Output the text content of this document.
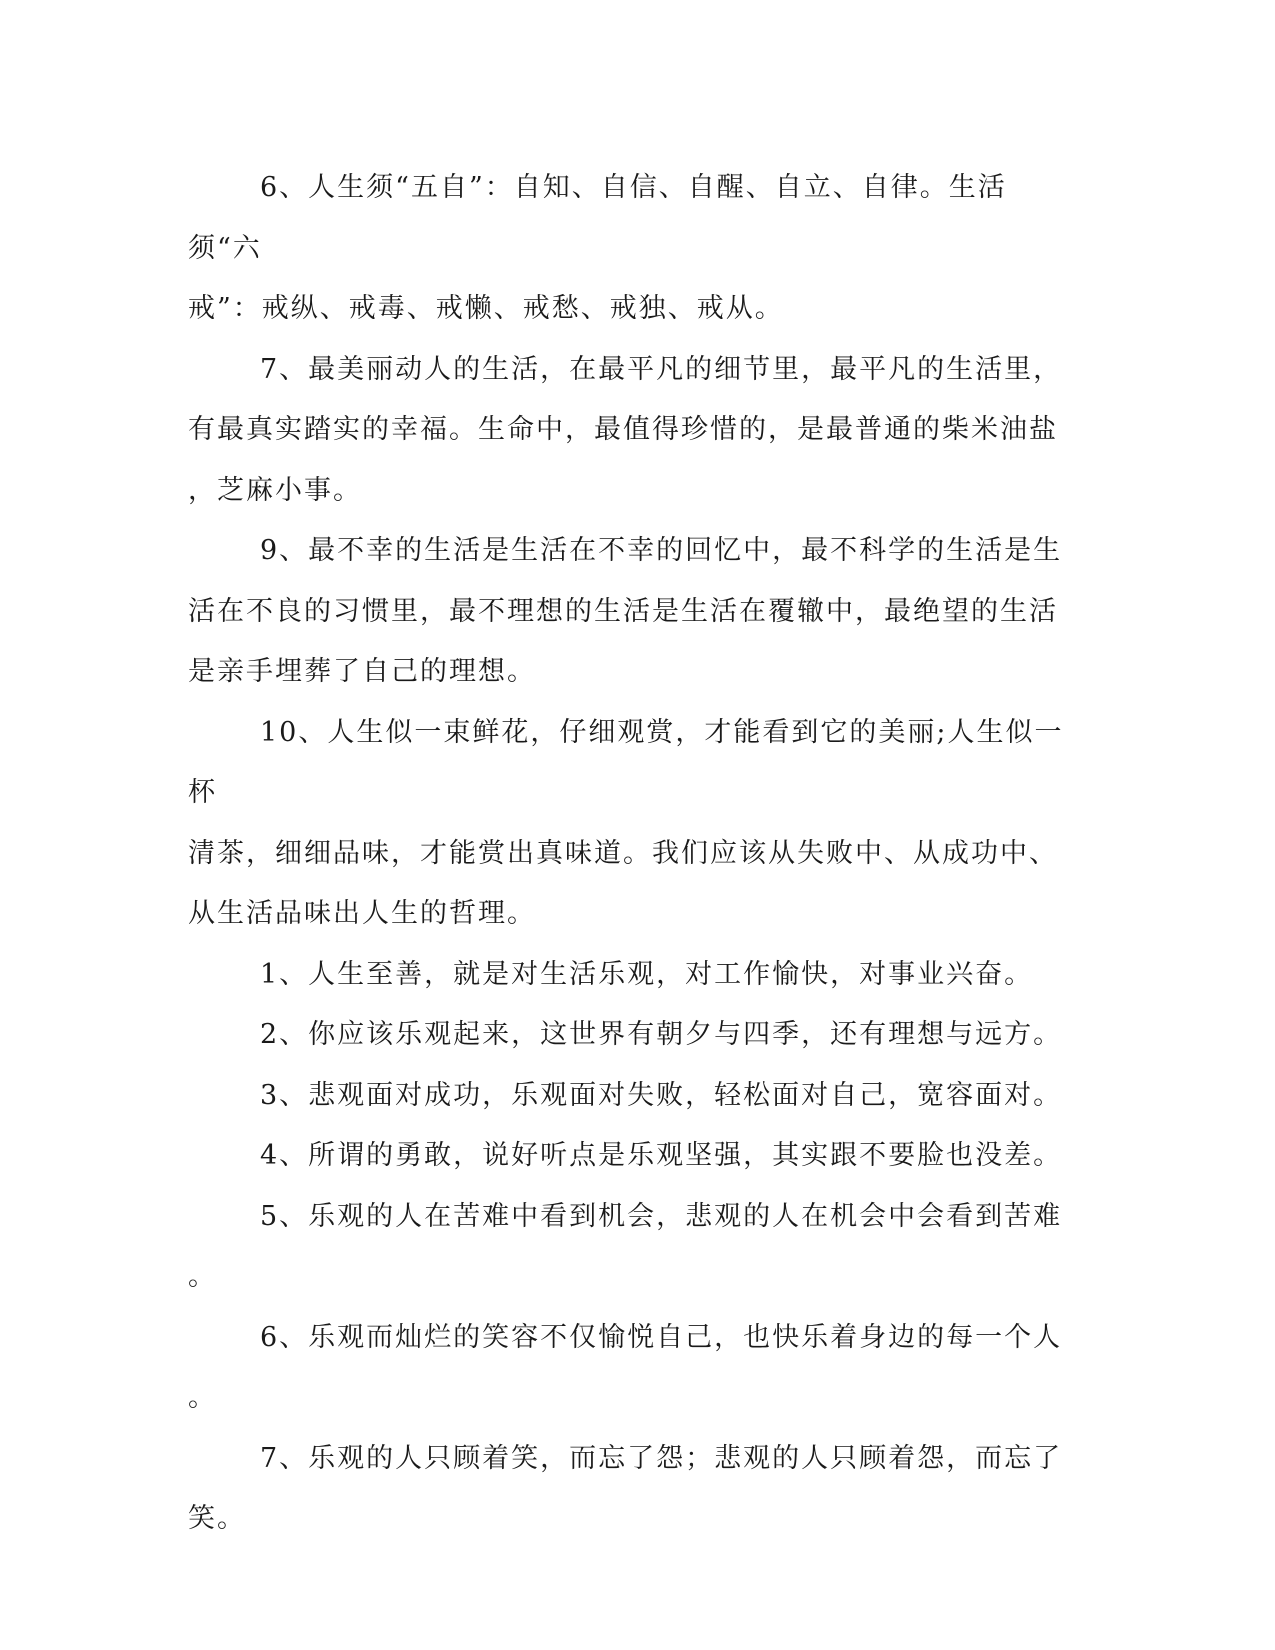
6、人生须“五自”：自知、自信、自醒、自立、自律。生活须“六
戒”：戒纵、戒毒、戒懒、戒愁、戒独、戒从。

7、最美丽动人的生活，在最平凡的细节里，最平凡的生活里，
有最真实踏实的幸福。生命中，最值得珍惜的，是最普通的柴米油盐
，芝麻小事。

9、最不幸的生活是生活在不幸的回忆中，最不科学的生活是生
活在不良的习惯里，最不理想的生活是生活在覆辙中，最绝望的生活
是亲手埋葬了自己的理想。

10、人生似一束鲜花，仔细观赏，才能看到它的美丽;人生似一杯
清茶，细细品味，才能赏出真味道。我们应该从失败中、从成功中、
从生活品味出人生的哲理。

1、人生至善，就是对生活乐观，对工作愉快，对事业兴奋。

2、你应该乐观起来，这世界有朝夕与四季，还有理想与远方。

3、悲观面对成功，乐观面对失败，轻松面对自己，宽容面对。

4、所谓的勇敢，说好听点是乐观坚强，其实跟不要脸也没差。

5、乐观的人在苦难中看到机会，悲观的人在机会中会看到苦难
。

6、乐观而灿烂的笑容不仅愉悦自己，也快乐着身边的每一个人
。

7、乐观的人只顾着笑，而忘了怨；悲观的人只顾着怨，而忘了
笑。
